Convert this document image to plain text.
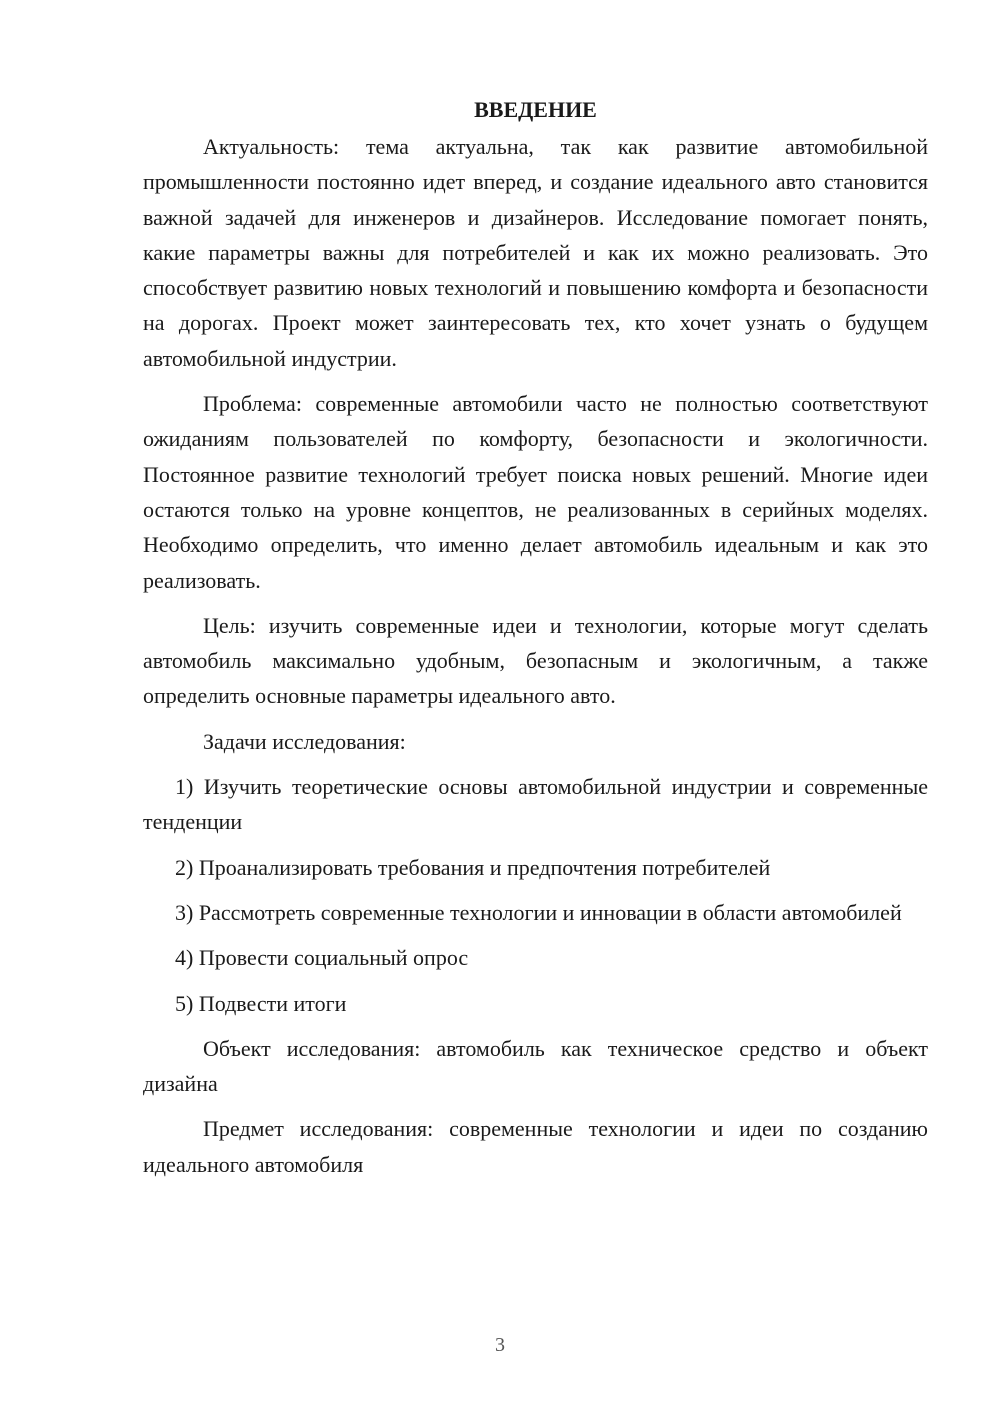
ВВЕДЕНИЕ

Актуальность: тема актуальна, так как развитие автомобильной промышленности постоянно идет вперед, и создание идеального авто становится важной задачей для инженеров и дизайнеров. Исследование помогает понять, какие параметры важны для потребителей и как их можно реализовать. Это способствует развитию новых технологий и повышению комфорта и безопасности на дорогах. Проект может заинтересовать тех, кто хочет узнать о будущем автомобильной индустрии.

Проблема: современные автомобили часто не полностью соответствуют ожиданиям пользователей по комфорту, безопасности и экологичности. Постоянное развитие технологий требует поиска новых решений. Многие идеи остаются только на уровне концептов, не реализованных в серийных моделях. Необходимо определить, что именно делает автомобиль идеальным и как это реализовать.

Цель: изучить современные идеи и технологии, которые могут сделать автомобиль максимально удобным, безопасным и экологичным, а также определить основные параметры идеального авто.

Задачи исследования:

1) Изучить теоретические основы автомобильной индустрии и современные тенденции

2) Проанализировать требования и предпочтения потребителей

3) Рассмотреть современные технологии и инновации в области автомобилей

4) Провести социальный опрос

5) Подвести итоги

Объект исследования: автомобиль как техническое средство и объект дизайна

Предмет исследования: современные технологии и идеи по созданию идеального автомобиля

3
